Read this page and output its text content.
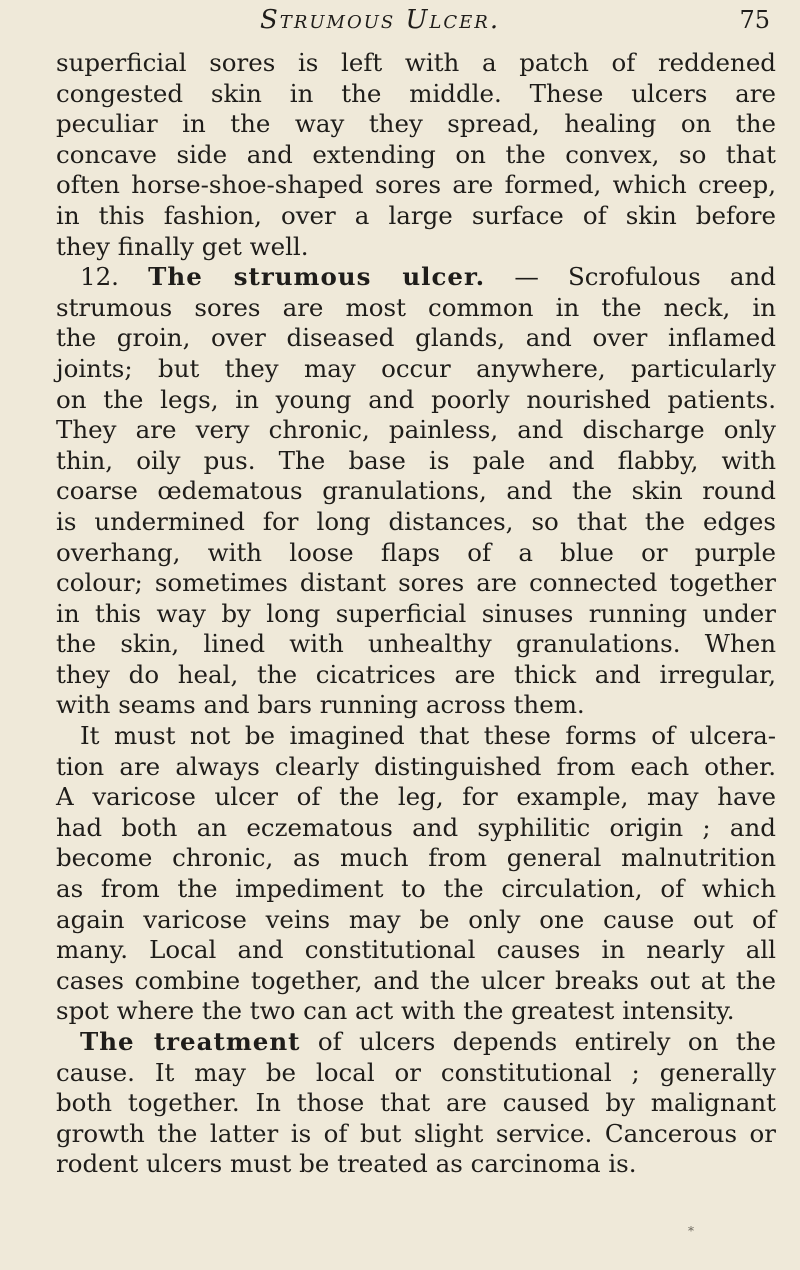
Strumous Ulcer.	75
superficial sores is left with a patch of reddened
congested skin in the middle. These ulcers are
peculiar in the way they spread, healing on the
concave side and extending on the convex, so that
often horse-shoe-shaped sores are formed, which creep,
in this fashion, over a large surface of skin before
they finally get well.
12. The strumous ulcer. — Scrofulous and
strumous sores are most common in the neck, in
the groin, over diseased glands, and over inflamed
joints; but they may occur anywhere, particularly
on the legs, in young and poorly nourished patients.
They are very chronic, painless, and discharge only
thin, oily pus. The base is pale and flabby, with
coarse œdematous granulations, and the skin round
is undermined for long distances, so that the edges
overhang, with loose flaps of a blue or purple
colour; sometimes distant sores are connected together
in this way by long superficial sinuses running under
the skin, lined with unhealthy granulations. When
they do heal, the cicatrices are thick and irregular,
with seams and bars running across them.
It must not be imagined that these forms of ulcera-
tion are always clearly distinguished from each other.
A varicose ulcer of the leg, for example, may have
had both an eczematous and syphilitic origin ; and
become chronic, as much from general malnutrition
as from the impediment to the circulation, of which
again varicose veins may be only one cause out of
many. Local and constitutional causes in nearly all
cases combine together, and the ulcer breaks out at the
spot where the two can act with the greatest intensity.
The treatment of ulcers depends entirely on the
cause. It may be local or constitutional ; generally
both together. In those that are caused by malignant
growth the latter is of but slight service. Cancerous or
rodent ulcers must be treated as carcinoma is.
*
